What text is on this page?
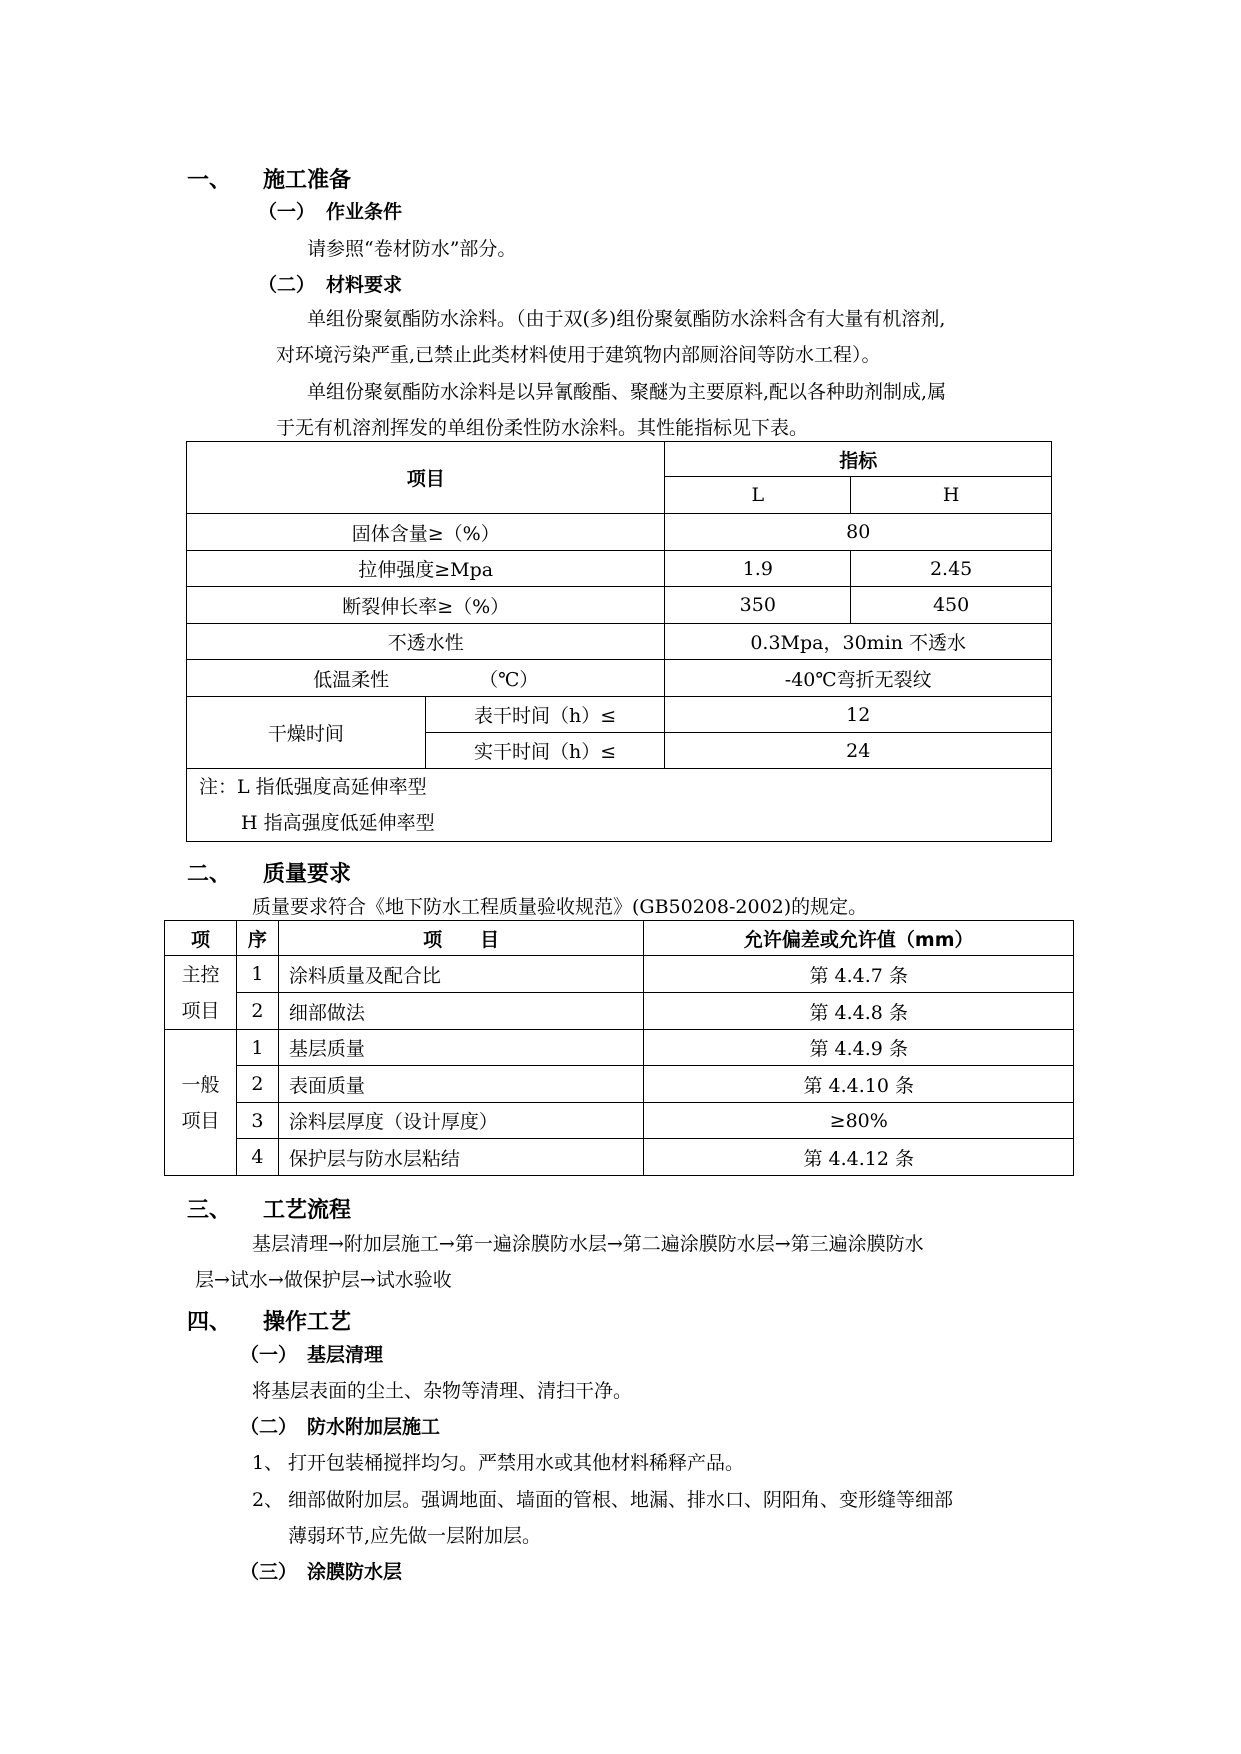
一、 施工准备
（一） 作业条件
请参照“卷材防水”部分。
（二） 材料要求
单组份聚氨酯防水涂料。（由于双(多)组份聚氨酯防水涂料含有大量有机溶剂,
对环境污染严重,已禁止此类材料使用于建筑物内部厕浴间等防水工程）。
单组份聚氨酯防水涂料是以异氰酸酯、聚醚为主要原料,配以各种助剂制成,属
于无有机溶剂挥发的单组份柔性防水涂料。其性能指标见下表。
项目		指标	
		L	H
固体含量≥（%）		80	
拉伸强度≥Mpa		1.9	2.45
断裂伸长率≥（%）		350	450
不透水性		0.3Mpa，30min 不透水	
低温柔性 （℃）		-40℃弯折无裂纹	
干燥时间	表干时间（h）≤	12	
	实干时间（h）≤	24	

注：L 指低强度高延伸率型
H 指高强度低延伸率型			
二、 质量要求
质量要求符合《地下防水工程质量验收规范》(GB50208-2002)的规定。
项	序	项　　目	允许偏差或允许值（mm）

主控
项目	1	涂料质量及配合比	第 4.4.7 条
	2	细部做法	第 4.4.8 条

一般
项目	1	基层质量	第 4.4.9 条
	2	表面质量	第 4.4.10 条
	3	涂料层厚度（设计厚度）	≥80%
	4	保护层与防水层粘结	第 4.4.12 条
三、 工艺流程
基层清理→附加层施工→第一遍涂膜防水层→第二遍涂膜防水层→第三遍涂膜防水
层→试水→做保护层→试水验收
四、 操作工艺
（一） 基层清理
将基层表面的尘土、杂物等清理、清扫干净。
（二） 防水附加层施工
1、 打开包装桶搅拌均匀。严禁用水或其他材料稀释产品。
2、 细部做附加层。强调地面、墙面的管根、地漏、排水口、阴阳角、变形缝等细部
薄弱环节,应先做一层附加层。
（三） 涂膜防水层
